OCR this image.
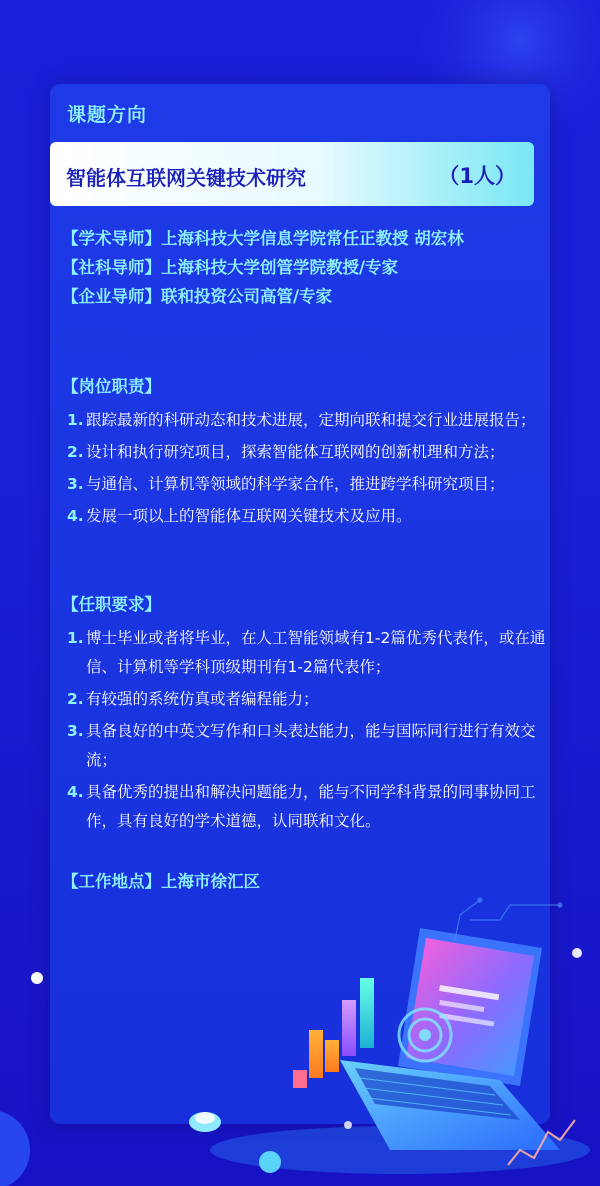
课题方向
智能体互联网关键技术研究	（1人）
【学术导师】上海科技大学信息学院常任正教授 胡宏林
【社科导师】上海科技大学创管学院教授/专家
【企业导师】联和投资公司高管/专家
【岗位职责】
1. 跟踪最新的科研动态和技术进展，定期向联和提交行业进展报告；
2. 设计和执行研究项目，探索智能体互联网的创新机理和方法；
3. 与通信、计算机等领域的科学家合作，推进跨学科研究项目；
4. 发展一项以上的智能体互联网关键技术及应用。
【任职要求】
1. 博士毕业或者将毕业，在人工智能领域有1-2篇优秀代表作，或在通信、计算机等学科顶级期刊有1-2篇代表作；
2. 有较强的系统仿真或者编程能力；
3. 具备良好的中英文写作和口头表达能力，能与国际同行进行有效交流；
4. 具备优秀的提出和解决问题能力，能与不同学科背景的同事协同工作，具有良好的学术道德，认同联和文化。
【工作地点】上海市徐汇区
